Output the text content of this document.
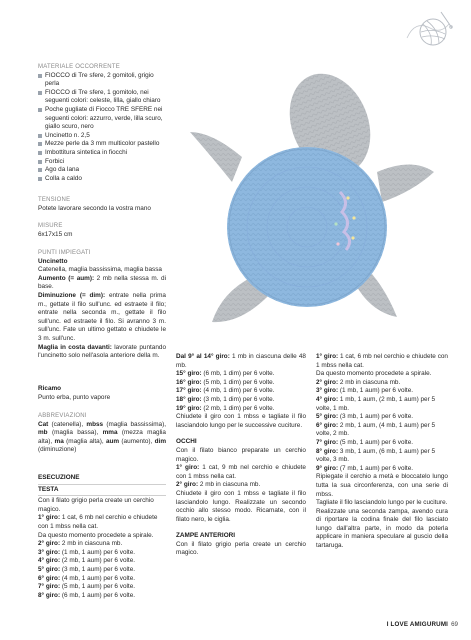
MATERIALE OCCORRENTE

FIOCCO di Tre sfere, 2 gomitoli, grigio perla
FIOCCO di Tre sfere, 1 gomitolo, nei seguenti colori: celeste, lilla, giallo chiaro
Poche gugliate di Fiocco TRE SFERE nei seguenti colori: azzurro, verde, lilla scuro, giallo scuro, nero
Uncinetto n. 2,5
Mezze perle da 3 mm multicolor pastello
Imbottitura sintetica in fiocchi
Forbici
Ago da lana
Colla a caldo

TENSIONE

Potete lavorare secondo la vostra mano

MISURE

6x17x15 cm

PUNTI IMPIEGATI

Uncinetto

Catenella, maglia bassissima, maglia bassa

Aumento (= aum): 2 mb nella stessa m. di base.

Diminuzione (= dim): entrate nella prima m., gettate il filo sull'unc. ed estraete il filo; entrate nella seconda m., gettate il filo sull'unc. ed estraete il filo. Si avranno 3 m. sull'unc. Fate un ultimo gettato e chiudete le 3 m. sull'unc.

Maglia in costa davanti: lavorate puntando l'uncinetto solo nell'asola anteriore della m.

Ricamo

Punto erba, punto vapore

ABBREVIAZIONI

Cat (catenella), mbss (maglia bassissima), mb (maglia bassa), mma (mezza maglia alta), ma (maglia alta), aum (aumento), dim (diminuzione)

ESECUZIONE

TESTA

Con il filato grigio perla create un cerchio magico.

1° giro: 1 cat, 6 mb nel cerchio e chiudete con 1 mbss nella cat.

Da questo momento procedete a spirale.

2° giro: 2 mb in ciascuna mb.

3° giro: (1 mb, 1 aum) per 6 volte.

4° giro: (2 mb, 1 aum) per 6 volte.

5° giro: (3 mb, 1 aum) per 6 volte.

6° giro: (4 mb, 1 aum) per 6 volte.

7° giro: (5 mb, 1 aum) per 6 volte.

8° giro: (6 mb, 1 aum) per 6 volte.

Dal 9° al 14° giro: 1 mb in ciascuna delle 48 mb.

15° giro: (6 mb, 1 dim) per 6 volte.

16° giro: (5 mb, 1 dim) per 6 volte.

17° giro: (4 mb, 1 dim) per 6 volte.

18° giro: (3 mb, 1 dim) per 6 volte.

19° giro: (2 mb, 1 dim) per 6 volte.

Chiudete il giro con 1 mbss e tagliate il filo lasciandolo lungo per le successive cuciture.

OCCHI

Con il filato bianco preparate un cerchio magico.

1° giro: 1 cat, 9 mb nel cerchio e chiudete con 1 mbss nella cat.

2° giro: 2 mb in ciascuna mb.

Chiudete il giro con 1 mbss e tagliate il filo lasciandolo lungo. Realizzate un secondo occhio allo stesso modo. Ricamate, con il filato nero, le ciglia.

ZAMPE ANTERIORI

Con il filato grigio perla create un cerchio magico.

1° giro: 1 cat, 6 mb nel cerchio e chiudete con 1 mbss nella cat.

Da questo momento procedete a spirale.

2° giro: 2 mb in ciascuna mb.

3° giro: (1 mb, 1 aum) per 6 volte.

4° giro: 1 mb, 1 aum, (2 mb, 1 aum) per 5 volte, 1 mb.

5° giro: (3 mb, 1 aum) per 6 volte.

6° giro: 2 mb, 1 aum, (4 mb, 1 aum) per 5 volte, 2 mb.

7° giro: (5 mb, 1 aum) per 6 volte.

8° giro: 3 mb, 1 aum, (6 mb, 1 aum) per 5 volte, 3 mb.

9° giro: (7 mb, 1 aum) per 6 volte.

Ripiegate il cerchio a metà e bloccatelo lungo tutta la sua circonferenza, con una serie di mbss.

Tagliate il filo lasciandolo lungo per le cuciture.

Realizzate una seconda zampa, avendo cura di riportare la codina finale del filo lasciato lungo dall'altra parte, in modo da poterla applicare in maniera speculare al guscio della tartaruga.

I LOVE AMIGURUMI 69
